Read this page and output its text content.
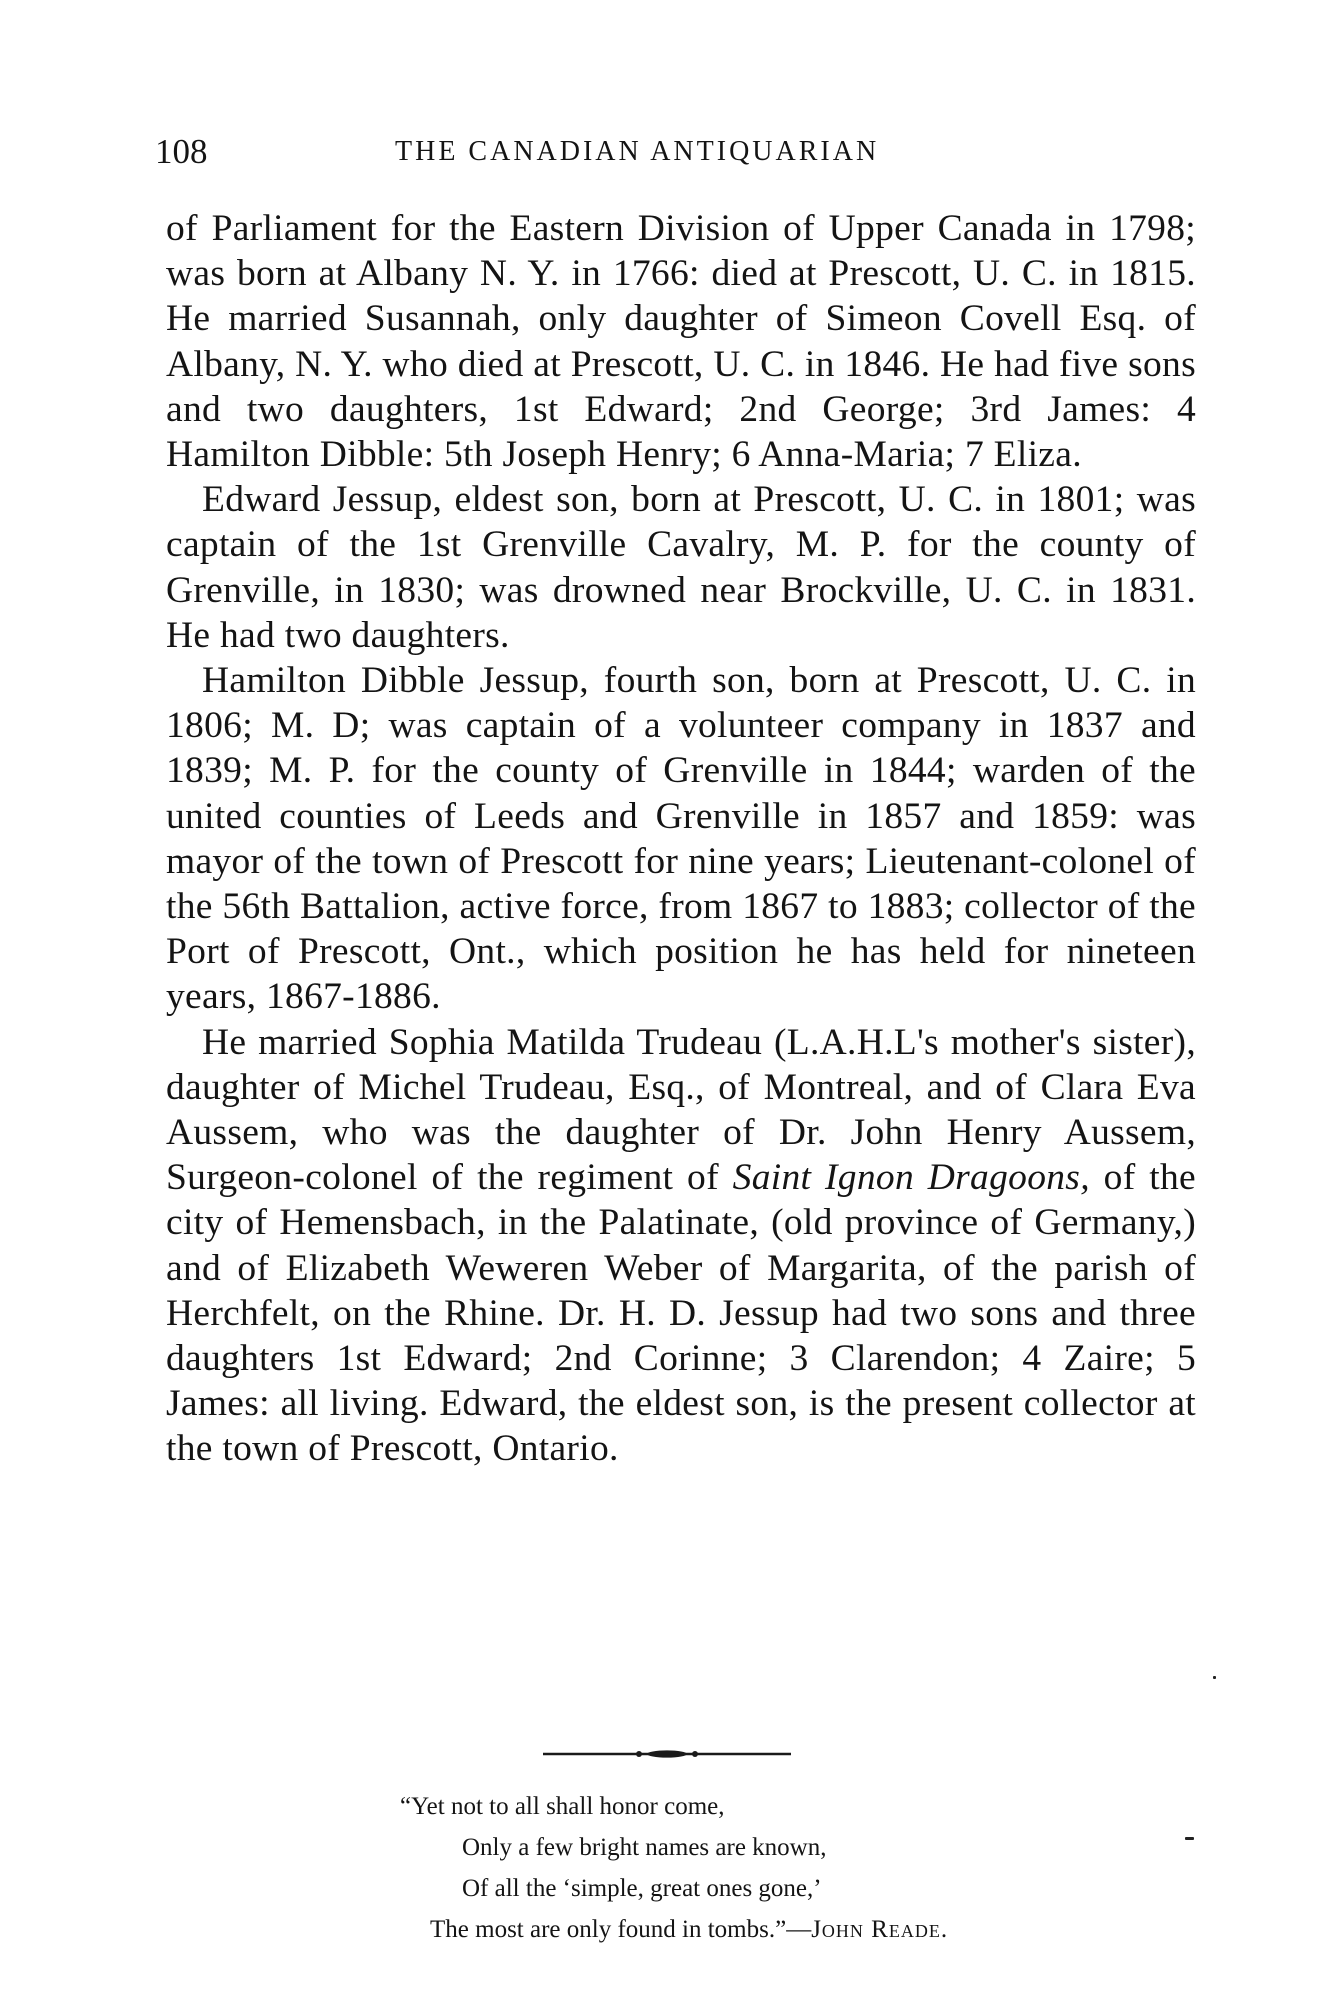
108	THE CANADIAN ANTIQUARIAN

of Parliament for the Eastern Division of Upper Canada in 1798; was born at Albany N. Y. in 1766: died at Prescott, U. C. in 1815. He married Susannah, only daughter of Simeon Covell Esq. of Albany, N. Y. who died at Prescott, U. C. in 1846. He had five sons and two daughters, 1st Edward; 2nd George; 3rd James: 4 Hamilton Dibble: 5th Joseph Henry; 6 Anna-Maria; 7 Eliza.

Edward Jessup, eldest son, born at Prescott, U. C. in 1801; was captain of the 1st Grenville Cavalry, M. P. for the county of Grenville, in 1830; was drowned near Brockville, U. C. in 1831. He had two daughters.

Hamilton Dibble Jessup, fourth son, born at Prescott, U. C. in 1806; M. D; was captain of a volunteer company in 1837 and 1839; M. P. for the county of Grenville in 1844; warden of the united counties of Leeds and Grenville in 1857 and 1859: was mayor of the town of Prescott for nine years; Lieutenant-colonel of the 56th Battalion, active force, from 1867 to 1883; collector of the Port of Prescott, Ont., which position he has held for nineteen years, 1867-1886.

He married Sophia Matilda Trudeau (L.A.H.L's mother's sister), daughter of Michel Trudeau, Esq., of Montreal, and of Clara Eva Aussem, who was the daughter of Dr. John Henry Aussem, Surgeon-colonel of the regiment of Saint Ignon Dragoons, of the city of Hemensbach, in the Palatinate, (old province of Germany,) and of Elizabeth Weweren Weber of Margarita, of the parish of Herchfelt, on the Rhine. Dr. H. D. Jessup had two sons and three daughters 1st Edward; 2nd Corinne; 3 Clarendon; 4 Zaire; 5 James: all living. Edward, the eldest son, is the present collector at the town of Prescott, Ontario.

“Yet not to all shall honor come,
Only a few bright names are known,
Of all the ‘simple, great ones gone,’
The most are only found in tombs.”—John Reade.
